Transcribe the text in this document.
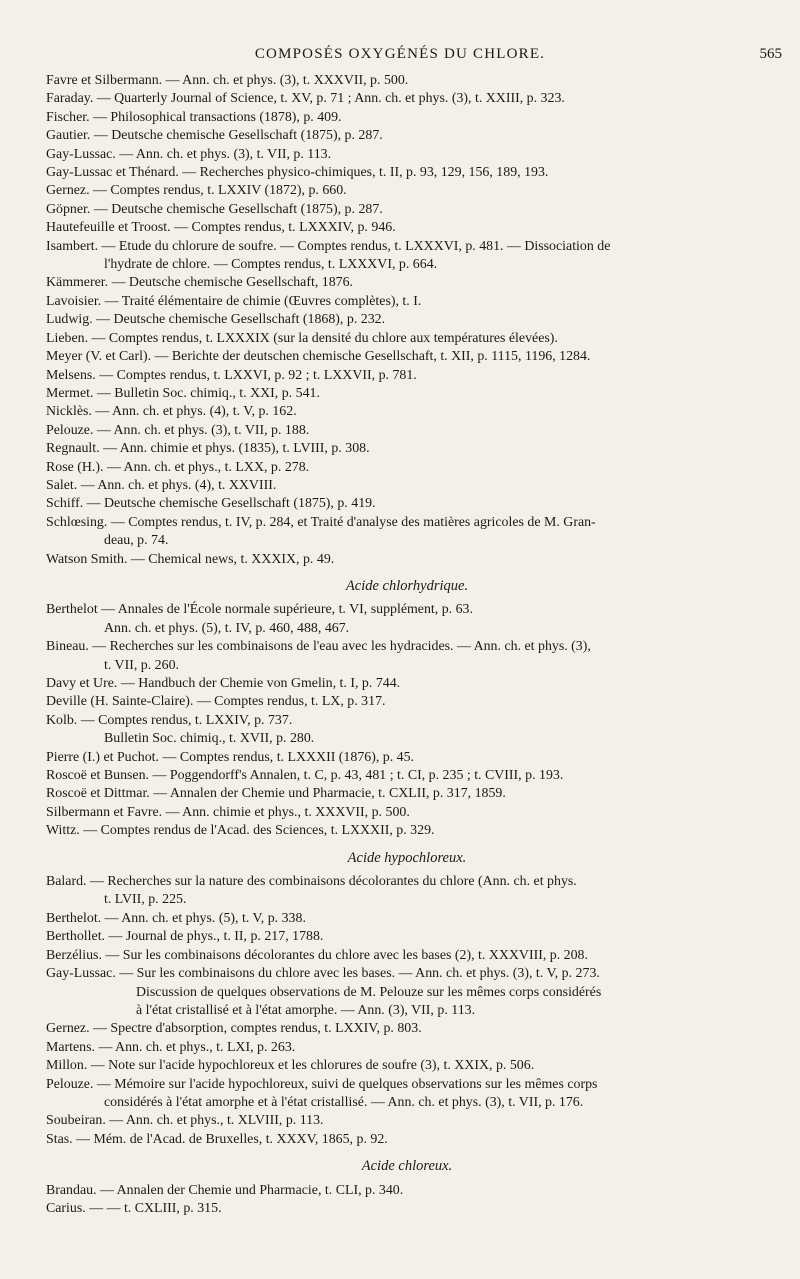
COMPOSÉS OXYGÉNÉS DU CHLORE.	565
Favre et Silbermann. — Ann. ch. et phys. (3), t. XXXVII, p. 500.
Faraday. — Quarterly Journal of Science, t. XV, p. 71 ; Ann. ch. et phys. (3), t. XXIII, p. 323.
Fischer. — Philosophical transactions (1878), p. 409.
Gautier. — Deutsche chemische Gesellschaft (1875), p. 287.
Gay-Lussac. — Ann. ch. et phys. (3), t. VII, p. 113.
Gay-Lussac et Thénard. — Recherches physico-chimiques, t. II, p. 93, 129, 156, 189, 193.
Gernez. — Comptes rendus, t. LXXIV (1872), p. 660.
Göpner. — Deutsche chemische Gesellschaft (1875), p. 287.
Hautefeuille et Troost. — Comptes rendus, t. LXXXIV, p. 946.
Isambert. — Etude du chlorure de soufre. — Comptes rendus, t. LXXXVI, p. 481. — Dissociation de
l'hydrate de chlore. — Comptes rendus, t. LXXXVI, p. 664.
Kämmerer. — Deutsche chemische Gesellschaft, 1876.
Lavoisier. — Traité élémentaire de chimie (Œuvres complètes), t. I.
Ludwig. — Deutsche chemische Gesellschaft (1868), p. 232.
Lieben. — Comptes rendus, t. LXXXIX (sur la densité du chlore aux températures élevées).
Meyer (V. et Carl). — Berichte der deutschen chemische Gesellschaft, t. XII, p. 1115, 1196, 1284.
Melsens. — Comptes rendus, t. LXXVI, p. 92 ; t. LXXVII, p. 781.
Mermet. — Bulletin Soc. chimiq., t. XXI, p. 541.
Nicklès. — Ann. ch. et phys. (4), t. V, p. 162.
Pelouze. — Ann. ch. et phys. (3), t. VII, p. 188.
Regnault. — Ann. chimie et phys. (1835), t. LVIII, p. 308.
Rose (H.). — Ann. ch. et phys., t. LXX, p. 278.
Salet. — Ann. ch. et phys. (4), t. XXVIII.
Schiff. — Deutsche chemische Gesellschaft (1875), p. 419.
Schlœsing. — Comptes rendus, t. IV, p. 284, et Traité d'analyse des matières agricoles de M. Gran-
deau, p. 74.
Watson Smith. — Chemical news, t. XXXIX, p. 49.
Acide chlorhydrique.
Berthelot — Annales de l'École normale supérieure, t. VI, supplément, p. 63.
Ann. ch. et phys. (5), t. IV, p. 460, 488, 467.
Bineau. — Recherches sur les combinaisons de l'eau avec les hydracides. — Ann. ch. et phys. (3),
t. VII, p. 260.
Davy et Ure. — Handbuch der Chemie von Gmelin, t. I, p. 744.
Deville (H. Sainte-Claire). — Comptes rendus, t. LX, p. 317.
Kolb. — Comptes rendus, t. LXXIV, p. 737.
Bulletin Soc. chimiq., t. XVII, p. 280.
Pierre (I.) et Puchot. — Comptes rendus, t. LXXXII (1876), p. 45.
Roscoë et Bunsen. — Poggendorff's Annalen, t. C, p. 43, 481 ; t. CI, p. 235 ; t. CVIII, p. 193.
Roscoë et Dittmar. — Annalen der Chemie und Pharmacie, t. CXLII, p. 317, 1859.
Silbermann et Favre. — Ann. chimie et phys., t. XXXVII, p. 500.
Wittz. — Comptes rendus de l'Acad. des Sciences, t. LXXXII, p. 329.
Acide hypochloreux.
Balard. — Recherches sur la nature des combinaisons décolorantes du chlore (Ann. ch. et phys.
t. LVII, p. 225.
Berthelot. — Ann. ch. et phys. (5), t. V, p. 338.
Berthollet. — Journal de phys., t. II, p. 217, 1788.
Berzélius. — Sur les combinaisons décolorantes du chlore avec les bases (2), t. XXXVIII, p. 208.
Gay-Lussac. — Sur les combinaisons du chlore avec les bases. — Ann. ch. et phys. (3), t. V, p. 273.
Discussion de quelques observations de M. Pelouze sur les mêmes corps considérés
à l'état cristallisé et à l'état amorphe. — Ann. (3), VII, p. 113.
Gernez. — Spectre d'absorption, comptes rendus, t. LXXIV, p. 803.
Martens. — Ann. ch. et phys., t. LXI, p. 263.
Millon. — Note sur l'acide hypochloreux et les chlorures de soufre (3), t. XXIX, p. 506.
Pelouze. — Mémoire sur l'acide hypochloreux, suivi de quelques observations sur les mêmes corps
considérés à l'état amorphe et à l'état cristallisé. — Ann. ch. et phys. (3), t. VII, p. 176.
Soubeiran. — Ann. ch. et phys., t. XLVIII, p. 113.
Stas. — Mém. de l'Acad. de Bruxelles, t. XXXV, 1865, p. 92.
Acide chloreux.
Brandau. — Annalen der Chemie und Pharmacie, t. CLI, p. 340.
Carius. — — t. CXLIII, p. 315.
